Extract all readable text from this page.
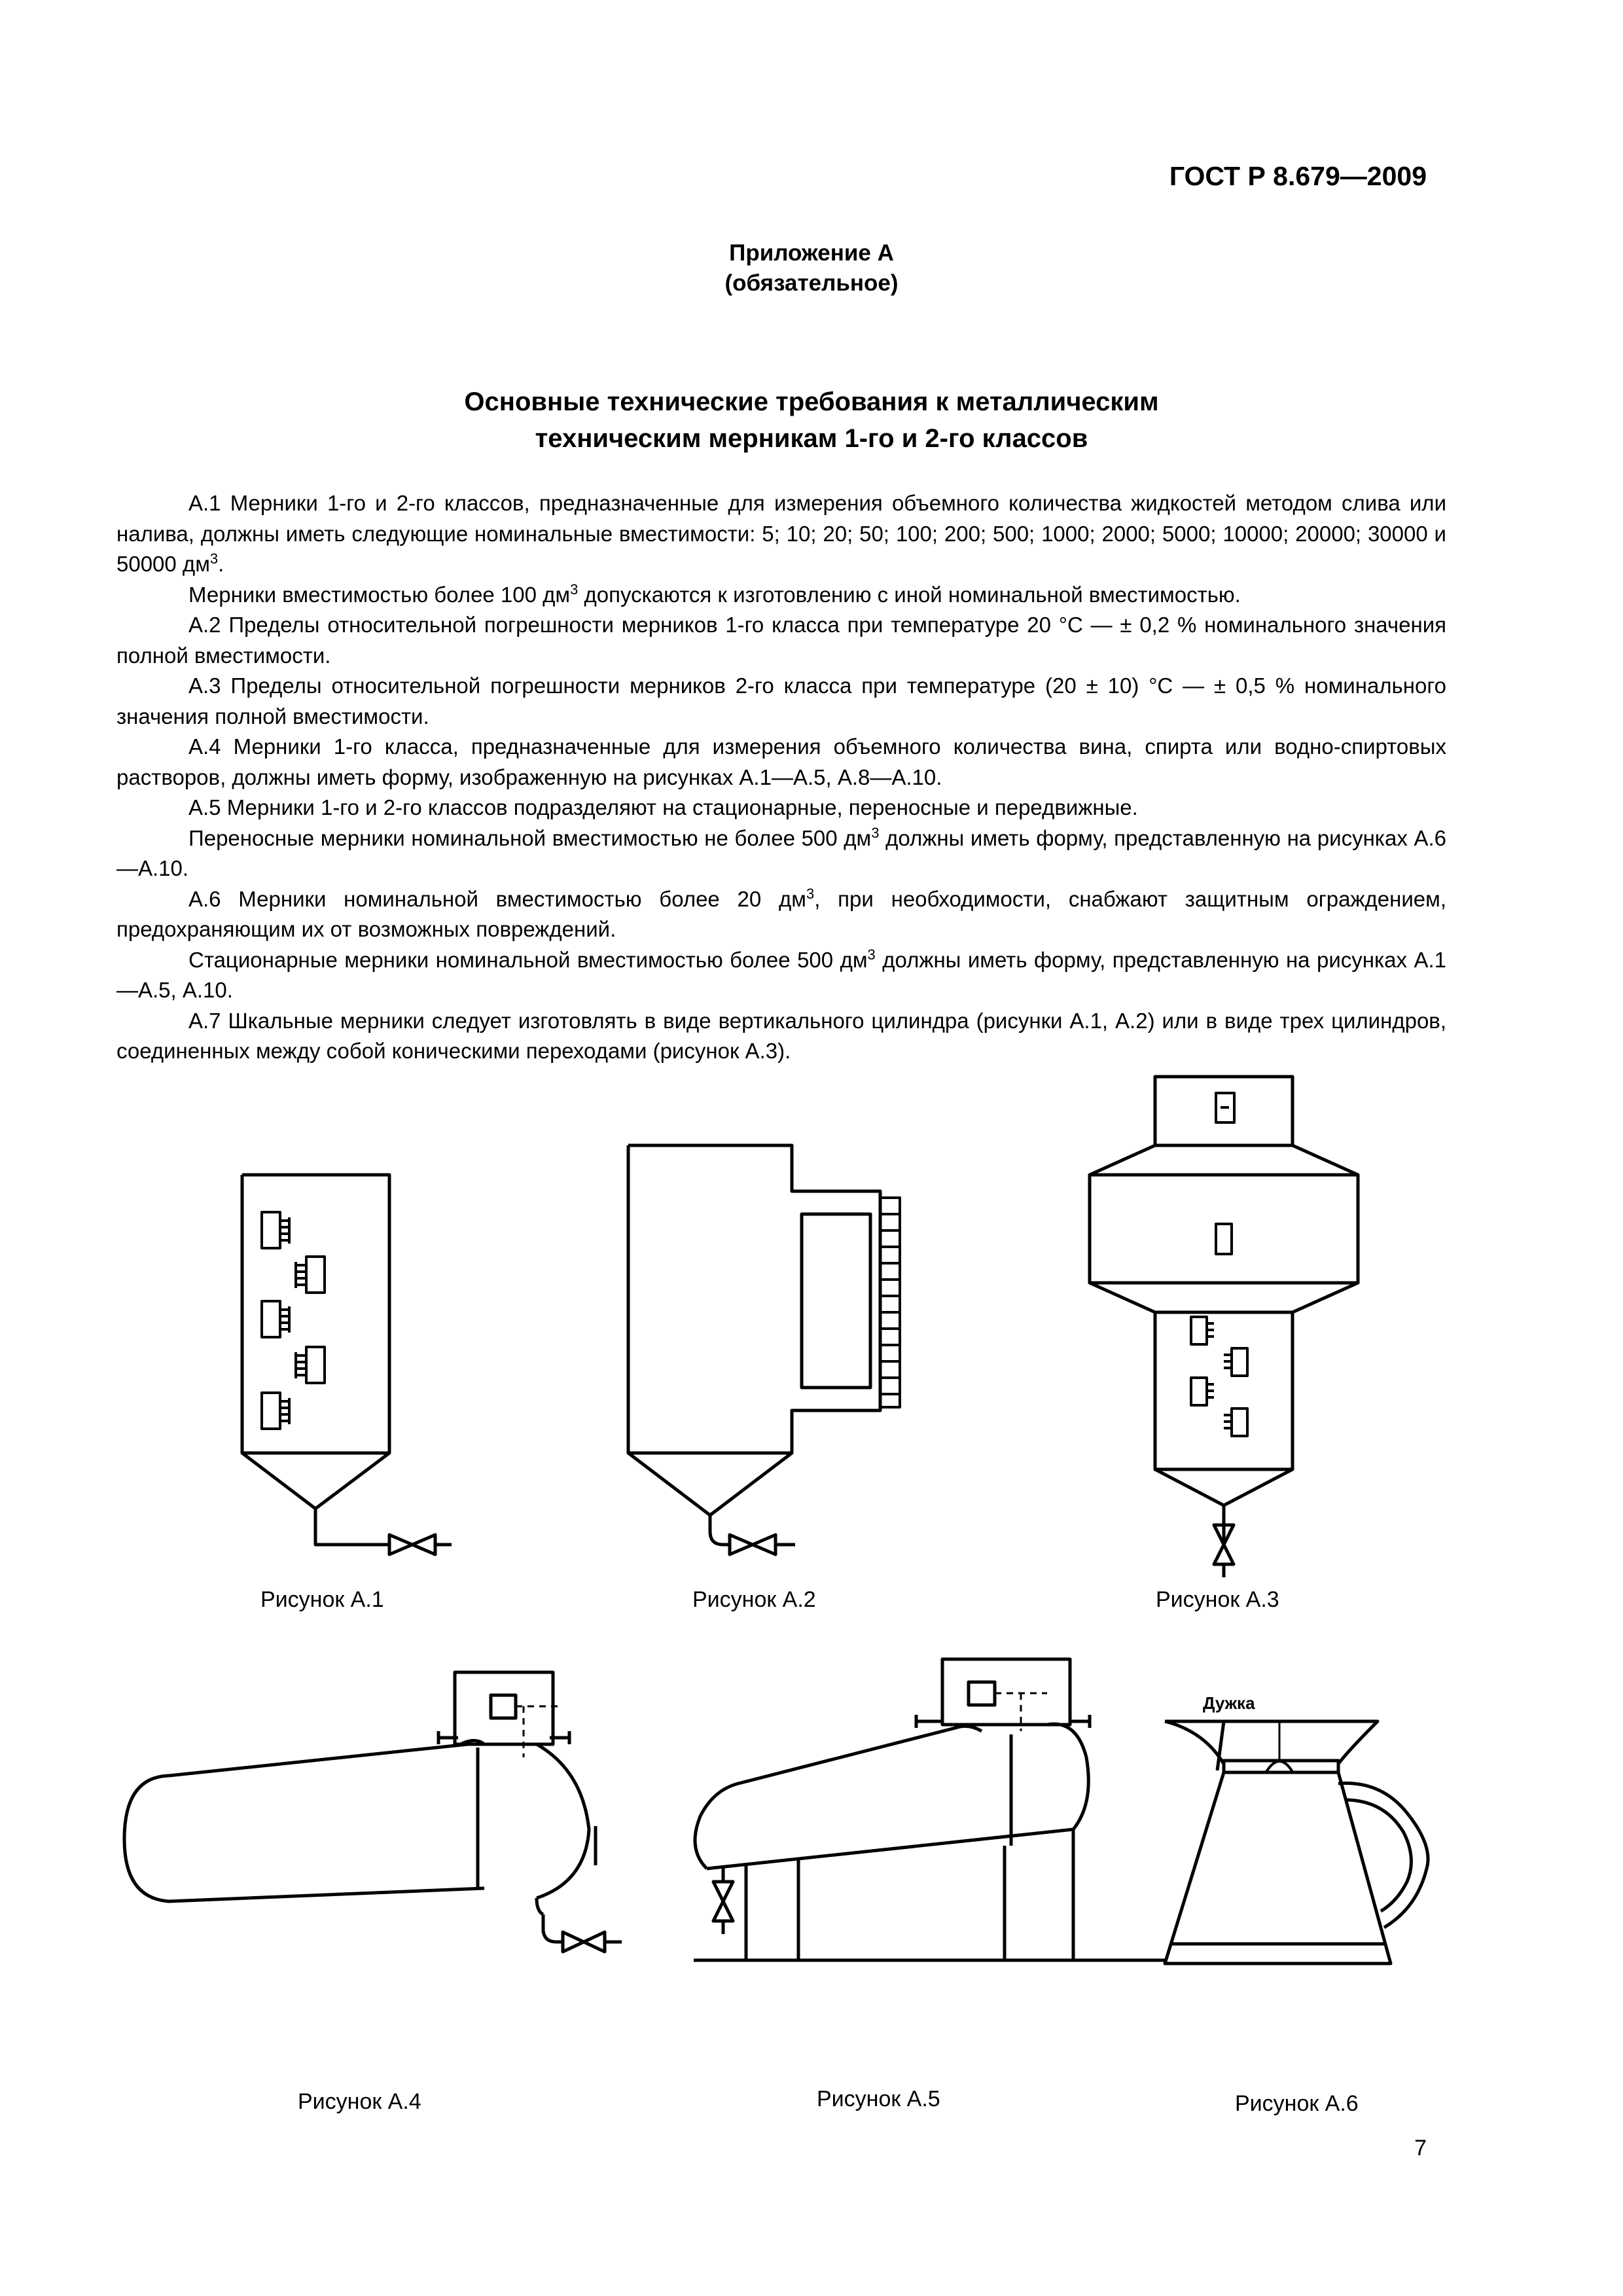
ГОСТ Р 8.679—2009

Приложение А
(обязательное)
Основные технические требования к металлическим
техническим мерникам 1-го и 2-го классов

А.1 Мерники 1-го и 2-го классов, предназначенные для измерения объемного количества жидкостей методом слива или налива, должны иметь следующие номинальные вместимости: 5; 10; 20; 50; 100; 200; 500; 1000; 2000; 5000; 10000; 20000; 30000 и 50000 $дм^3$.

Мерники вместимостью более 100 $дм^3$ допускаются к изготовлению с иной номинальной вместимостью.

А.2 Пределы относительной погрешности мерников 1-го класса при температуре 20 °С — ± 0,2 % номинального значения полной вместимости.

А.3 Пределы относительной погрешности мерников 2-го класса при температуре (20 ± 10) °С — ± 0,5 % номинального значения полной вместимости.

А.4 Мерники 1-го класса, предназначенные для измерения объемного количества вина, спирта или водно-спиртовых растворов, должны иметь форму, изображенную на рисунках А.1—А.5, А.8—А.10.

А.5 Мерники 1-го и 2-го классов подразделяют на стационарные, переносные и передвижные.

Переносные мерники номинальной вместимостью не более 500 $дм^3$ должны иметь форму, представленную на рисунках А.6—А.10.

А.6 Мерники номинальной вместимостью более 20 $дм^3$, при необходимости, снабжают защитным ограждением, предохраняющим их от возможных повреждений.

Стационарные мерники номинальной вместимостью более 500 $дм^3$ должны иметь форму, представленную на рисунках А.1—А.5, А.10.

А.7 Шкальные мерники следует изготовлять в виде вертикального цилиндра (рисунки А.1, А.2) или в виде трех цилиндров, соединенных между собой коническими переходами (рисунок А.3).

Рисунок А.1	Рисунок А.2	Рисунок А.3

Рисунок А.4	Рисунок А.5

Дужка

Рисунок А.6

7
